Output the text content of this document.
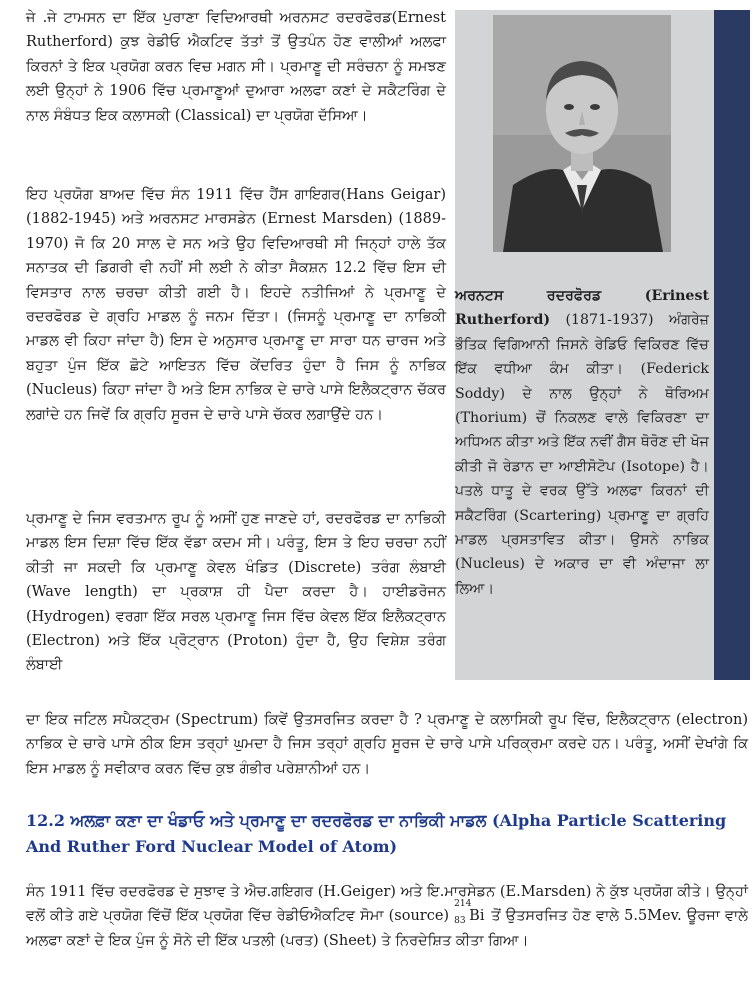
ਜੇ .ਜੇ ਟਾਮਸਨ ਦਾ ਇੱਕ ਪੁਰਾਣਾ ਵਿਦਿਆਰਥੀ ਅਰਨਸਟ ਰਦਰਫੋਰਡ(Ernest Rutherford) ਕੁਝ ਰੇਡੀਓ ਐਕਟਿਵ ਤੱਤਾਂ ਤੋਂ ਉਤਪੰਨ ਹੋਣ ਵਾਲੀਆਂ ਅਲਫਾ ਕਿਰਨਾਂ ਤੇ ਇਕ ਪ੍ਰਯੋਗ ਕਰਨ ਵਿਚ ਮਗਨ ਸੀ। ਪ੍ਰਮਾਣੂ ਦੀ ਸਰੰਚਨਾ ਨੂੰ ਸਮਝਣ ਲਈ ਉਨ੍ਹਾਂ ਨੇ 1906 ਵਿੱਚ ਪ੍ਰਮਾਣੂਆਂ ਦੁਆਰਾ ਅਲਫਾ ਕਣਾਂ ਦੇ ਸਕੈਟਰਿੰਗ ਦੇ ਨਾਲ ਸੰਬੰਧਤ ਇਕ ਕਲਾਸਕੀ (Classical) ਦਾ ਪ੍ਰਯੋਗ ਦੱਸਿਆ।

ਇਹ ਪ੍ਰਯੋਗ ਬਾਅਦ ਵਿੱਚ ਸੰਨ 1911 ਵਿੱਚ ਹੈਂਸ ਗਾਇਗਰ(Hans Geigar) (1882-1945) ਅਤੇ ਅਰਨਸਟ ਮਾਰਸਡੇਨ (Ernest Marsden) (1889-1970) ਜੋ ਕਿ 20 ਸਾਲ ਦੇ ਸਨ ਅਤੇ ਉਹ ਵਿਦਿਆਰਥੀ ਸੀ ਜਿਨ੍ਹਾਂ ਹਾਲੇ ਤੱਕ ਸਨਾਤਕ ਦੀ ਡਿਗਰੀ ਵੀ ਨਹੀਂ ਸੀ ਲਈ ਨੇ ਕੀਤਾ ਸੈਕਸ਼ਨ 12.2 ਵਿੱਚ ਇਸ ਦੀ ਵਿਸਤਾਰ ਨਾਲ ਚਰਚਾ ਕੀਤੀ ਗਈ ਹੈ। ਇਹਦੇ ਨਤੀਜਿਆਂ ਨੇ ਪ੍ਰਮਾਣੂ ਦੇ ਰਦਰਫੋਰਡ ਦੇ ਗ੍ਰਹਿ ਮਾਡਲ ਨੂੰ ਜਨਮ ਦਿੱਤਾ। (ਜਿਸਨੂੰ ਪ੍ਰਮਾਣੂ ਦਾ ਨਾਭਿਕੀ ਮਾਡਲ ਵੀ ਕਿਹਾ ਜਾਂਦਾ ਹੈ) ਇਸ ਦੇ ਅਨੁਸਾਰ ਪ੍ਰਮਾਣੂ ਦਾ ਸਾਰਾ ਧਨ ਚਾਰਜ ਅਤੇ ਬਹੁਤਾ ਪੁੰਜ ਇੱਕ ਛੋਟੇ ਆਇਤਨ ਵਿੱਚ ਕੇਂਦਰਿਤ ਹੁੰਦਾ ਹੈ ਜਿਸ ਨੂੰ ਨਾਭਿਕ (Nucleus) ਕਿਹਾ ਜਾਂਦਾ ਹੈ ਅਤੇ ਇਸ ਨਾਭਿਕ ਦੇ ਚਾਰੇ ਪਾਸੇ ਇਲੈਕਟ੍ਰਾਨ ਚੱਕਰ ਲਗਾਂਦੇ ਹਨ ਜਿਵੇਂ ਕਿ ਗ੍ਰਹਿ ਸੂਰਜ ਦੇ ਚਾਰੇ ਪਾਸੇ ਚੱਕਰ ਲਗਾਉਂਦੇ ਹਨ।

ਪ੍ਰਮਾਣੂ ਦੇ ਜਿਸ ਵਰਤਮਾਨ ਰੂਪ ਨੂੰ ਅਸੀਂ ਹੁਣ ਜਾਣਦੇ ਹਾਂ, ਰਦਰਫੋਰਡ ਦਾ ਨਾਭਿਕੀ ਮਾਡਲ ਇਸ ਦਿਸ਼ਾ ਵਿੱਚ ਇੱਕ ਵੱਡਾ ਕਦਮ ਸੀ। ਪਰੰਤੂ, ਇਸ ਤੇ ਇਹ ਚਰਚਾ ਨਹੀਂ ਕੀਤੀ ਜਾ ਸਕਦੀ ਕਿ ਪ੍ਰਮਾਣੂ ਕੇਵਲ ਖੰਡਿਤ (Discrete) ਤਰੰਗ ਲੰਬਾਈ (Wave length) ਦਾ ਪ੍ਰਕਾਸ਼ ਹੀ ਪੈਦਾ ਕਰਦਾ ਹੈ। ਹਾਈਡਰੋਜਨ (Hydrogen) ਵਰਗਾ ਇੱਕ ਸਰਲ ਪ੍ਰਮਾਣੂ ਜਿਸ ਵਿੱਚ ਕੇਵਲ ਇੱਕ ਇਲੈਕਟ੍ਰਾਨ (Electron) ਅਤੇ ਇੱਕ ਪ੍ਰੋਟ੍ਰਾਨ (Proton) ਹੁੰਦਾ ਹੈ, ਉਹ ਵਿਸ਼ੇਸ਼ ਤਰੰਗ ਲੰਬਾਈ

ਦਾ ਇਕ ਜਟਿਲ ਸਪੈਕਟ੍ਰਮ (Spectrum) ਕਿਵੇਂ ਉਤਸਰਜਿਤ ਕਰਦਾ ਹੈ ? ਪ੍ਰਮਾਣੂ ਦੇ ਕਲਾਸਿਕੀ ਰੂਪ ਵਿੱਚ, ਇਲੈਕਟ੍ਰਾਨ (electron) ਨਾਭਿਕ ਦੇ ਚਾਰੇ ਪਾਸੇ ਠੀਕ ਇਸ ਤਰ੍ਹਾਂ ਘੁਮਦਾ ਹੈ ਜਿਸ ਤਰ੍ਹਾਂ ਗ੍ਰਹਿ ਸੂਰਜ ਦੇ ਚਾਰੇ ਪਾਸੇ ਪਰਿਕ੍ਰਮਾ ਕਰਦੇ ਹਨ। ਪਰੰਤੂ, ਅਸੀਂ ਦੇਖਾਂਗੇ ਕਿ ਇਸ ਮਾਡਲ ਨੂੰ ਸਵੀਕਾਰ ਕਰਨ ਵਿੱਚ ਕੁਝ ਗੰਭੀਰ ਪਰੇਸ਼ਾਨੀਆਂ ਹਨ।

ਅਰਨਟਸ ਰਦਰਫੋਰਡ (Erinest Rutherford) (1871-1937) ਅੰਗਰੇਜ਼ ਭੌਤਿਕ ਵਿਗਿਆਨੀ ਜਿਸਨੇ ਰੇਡਿਓ ਵਿਕਿਰਣ ਵਿੱਚ ਇੱਕ ਵਧੀਆ ਕੰਮ ਕੀਤਾ। (Federick Soddy) ਦੇ ਨਾਲ ਉਨ੍ਹਾਂ ਨੇ ਥੋਰਿਅਮ (Thorium) ਚੋਂ ਨਿਕਲਣ ਵਾਲੇ ਵਿਕਿਰਣਾ ਦਾ ਅਧਿਅਨ ਕੀਤਾ ਅਤੇ ਇੱਕ ਨਵੀਂ ਗੈਸ ਥੋਰੋਣ ਦੀ ਖੋਜ ਕੀਤੀ ਜੋ ਰੇਡਾਨ ਦਾ ਆਈਸੋਟੋਪ (Isotope) ਹੈ। ਪਤਲੇ ਧਾਤੂ ਦੇ ਵਰਕ ਉੱਤੇ ਅਲਫਾ ਕਿਰਨਾਂ ਦੀ ਸਕੈਟਰਿੰਗ (Scartering) ਪ੍ਰਮਾਣੂ ਦਾ ਗ੍ਰਹਿ ਮਾਡਲ ਪ੍ਰਸਤਾਵਿਤ ਕੀਤਾ। ਉਸਨੇ ਨਾਭਿਕ (Nucleus) ਦੇ ਅਕਾਰ ਦਾ ਵੀ ਅੰਦਾਜਾ ਲਾ ਲਿਆ।

12.2 ਅਲਫ਼ਾ ਕਣਾ ਦਾ ਖੰਡਾਓ ਅਤੇ ਪ੍ਰਮਾਣੂ ਦਾ ਰਦਰਫੋਰਡ ਦਾ ਨਾਭਿਕੀ ਮਾਡਲ (Alpha Particle Scattering And Ruther Ford Nuclear Model of Atom)

ਸੰਨ 1911 ਵਿੱਚ ਰਦਰਫੋਰਡ ਦੇ ਸੁਝਾਵ ਤੇ ਐਚ.ਗਇਗਰ (H.Geiger) ਅਤੇ ਇ.ਮਾਰਸੇਡਨ (E.Marsden) ਨੇ ਕੁੱਝ ਪ੍ਰਯੋਗ ਕੀਤੇ। ਉਨ੍ਹਾਂ ਵਲੋਂ ਕੀਤੇ ਗਏ ਪ੍ਰਯੋਗ ਵਿੱਚੋਂ ਇੱਕ ਪ੍ਰਯੋਗ ਵਿੱਚ ਰੇਡੀਓਐਕਟਿਵ ਸੋਮਾ (source)
214
83 Bi ਤੋਂ ਉਤਸਰਜਿਤ ਹੋਣ ਵਾਲੇ 5.5Mev. ਊਰਜਾ ਵਾਲੇ ਅਲਫਾ ਕਣਾਂ ਦੇ ਇਕ ਪੁੰਜ ਨੂੰ ਸੋਨੇ ਦੀ ਇੱਕ ਪਤਲੀ (ਪਰਤ) (Sheet) ਤੇ ਨਿਰਦੇਸ਼ਿਤ ਕੀਤਾ ਗਿਆ।
